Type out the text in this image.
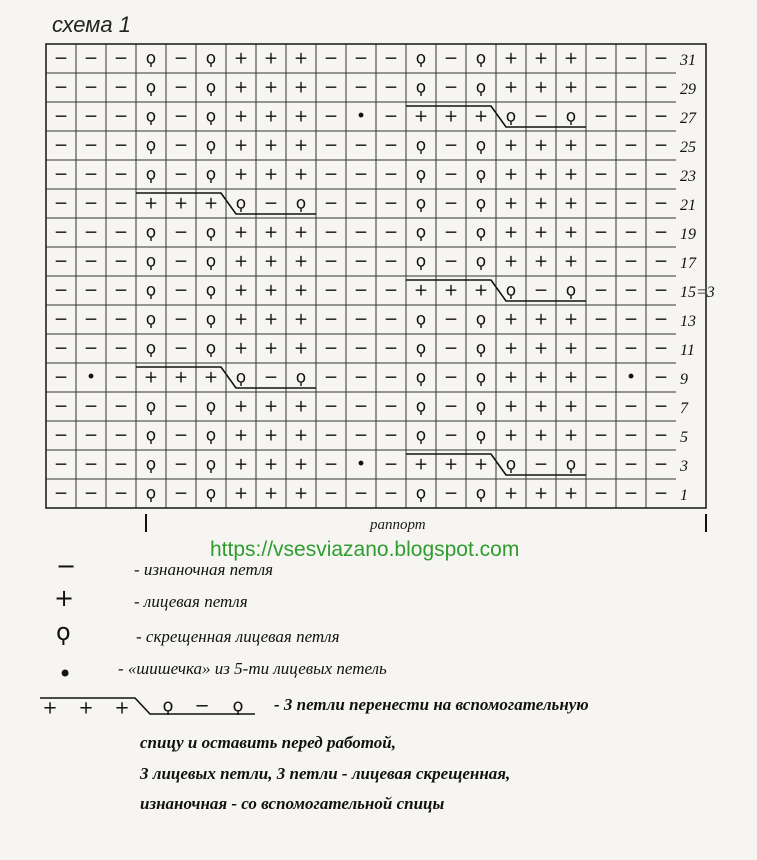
схема 1
− − − ϙ − ϙ + + + − − − ϙ − ϙ + + + − − −
− − − ϙ − ϙ + + + − − − ϙ − ϙ + + + − − −
− − − ϙ − ϙ + + + − • − + + + ϙ − ϙ − − −
− − − ϙ − ϙ + + + − − − ϙ − ϙ + + + − − −
− − − ϙ − ϙ + + + − − − ϙ − ϙ + + + − − −
− − − + + + ϙ − ϙ − − − ϙ − ϙ + + + − − −
− − − ϙ − ϙ + + + − − − ϙ − ϙ + + + − − −
− − − ϙ − ϙ + + + − − − ϙ − ϙ + + + − − −
− − − ϙ − ϙ + + + − − − + + + ϙ − ϙ − − −
− − − ϙ − ϙ + + + − − − ϙ − ϙ + + + − − −
− − − ϙ − ϙ + + + − − − ϙ − ϙ + + + − − −
− • − + + + ϙ − ϙ − − − ϙ − ϙ + + + − • −
− − − ϙ − ϙ + + + − − − ϙ − ϙ + + + − − −
− − − ϙ − ϙ + + + − − − ϙ − ϙ + + + − − −
− − − ϙ − ϙ + + + − • − + + + ϙ − ϙ − − −
− − − ϙ − ϙ + + + − − − ϙ − ϙ + + + − − −
31
29
27
25
23
21
19
17
15=3
13
11
9
7
5
3
1
раппорт
https://vsesviazano.blogspot.com
−	- изнаночная петля
+	- лицевая петля
ϙ	- скрещенная лицевая петля
•	- «шишечка» из 5-ти лицевых петель
+ + + ϙ − ϙ - 3 петли перенести на вспомогательную
спицу и оставить перед работой,
3 лицевых петли, 3 петли - лицевая скрещенная,
изнаночная - со вспомогательной спицы
